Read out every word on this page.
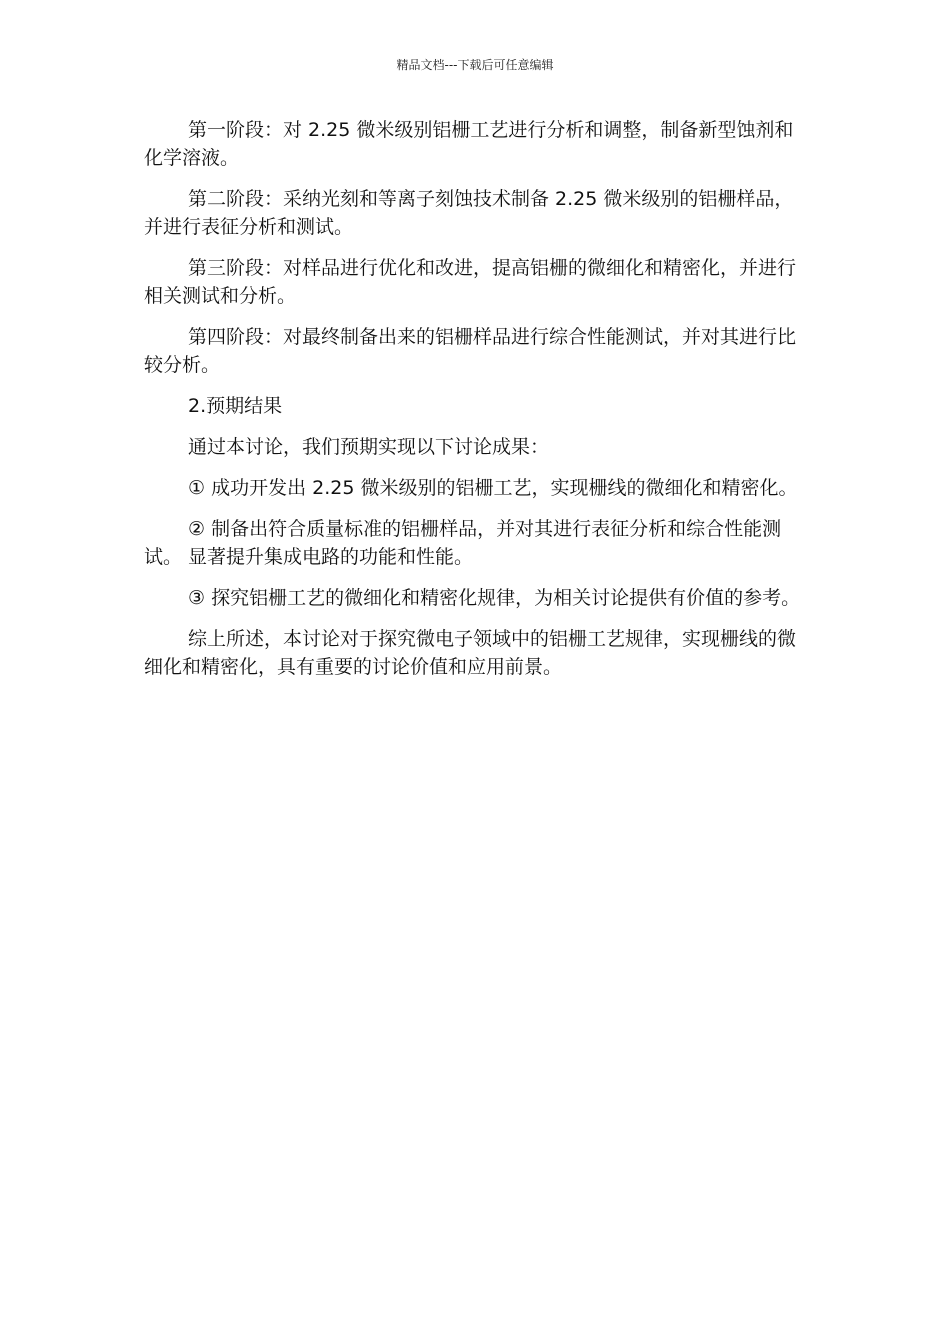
精品文档---下载后可任意编辑

第一阶段：对 2.25 微米级别铝栅工艺进行分析和调整，制备新型蚀剂和化学溶液。

第二阶段：采纳光刻和等离子刻蚀技术制备 2.25 微米级别的铝栅样品，并进行表征分析和测试。

第三阶段：对样品进行优化和改进，提高铝栅的微细化和精密化，并进行相关测试和分析。

第四阶段：对最终制备出来的铝栅样品进行综合性能测试，并对其进行比较分析。

2.预期结果

通过本讨论，我们预期实现以下讨论成果：

① 成功开发出 2.25 微米级别的铝栅工艺，实现栅线的微细化和精密化。

② 制备出符合质量标准的铝栅样品，并对其进行表征分析和综合性能测试。 显著提升集成电路的功能和性能。

③ 探究铝栅工艺的微细化和精密化规律，为相关讨论提供有价值的参考。

综上所述，本讨论对于探究微电子领域中的铝栅工艺规律，实现栅线的微细化和精密化，具有重要的讨论价值和应用前景。
